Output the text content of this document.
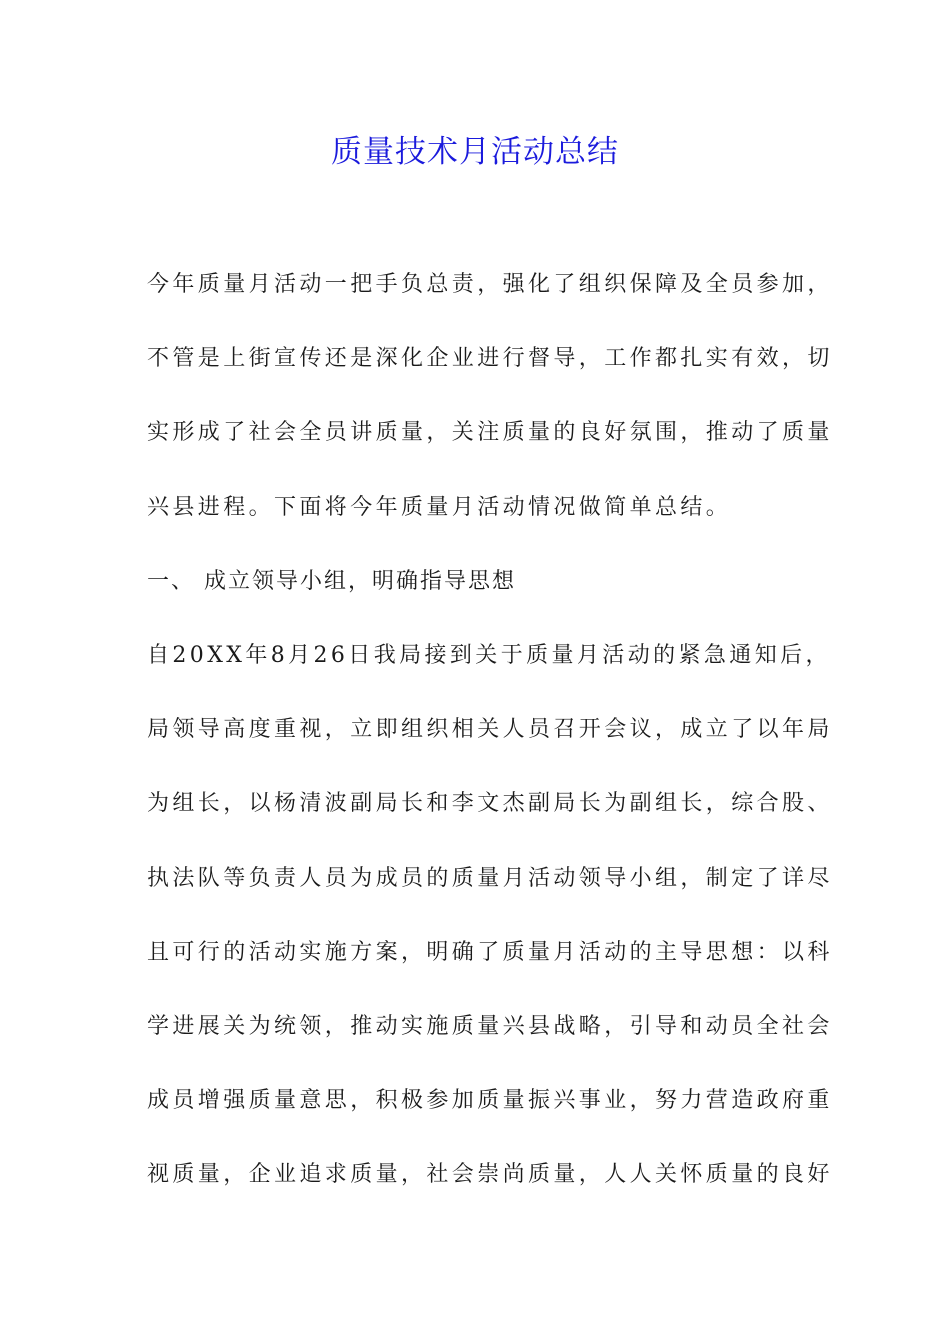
质量技术月活动总结
今年质量月活动一把手负总责，强化了组织保障及全员参加，
不管是上街宣传还是深化企业进行督导，工作都扎实有效，切
实形成了社会全员讲质量，关注质量的良好氛围，推动了质量
兴县进程。下面将今年质量月活动情况做简单总结。
一、 成立领导小组，明确指导思想
自20XX年8月26日我局接到关于质量月活动的紧急通知后，
局领导高度重视，立即组织相关人员召开会议，成立了以年局
为组长，以杨清波副局长和李文杰副局长为副组长，综合股、
执法队等负责人员为成员的质量月活动领导小组，制定了详尽
且可行的活动实施方案，明确了质量月活动的主导思想：以科
学进展关为统领，推动实施质量兴县战略，引导和动员全社会
成员增强质量意思，积极参加质量振兴事业，努力营造政府重
视质量，企业追求质量，社会崇尚质量，人人关怀质量的良好
